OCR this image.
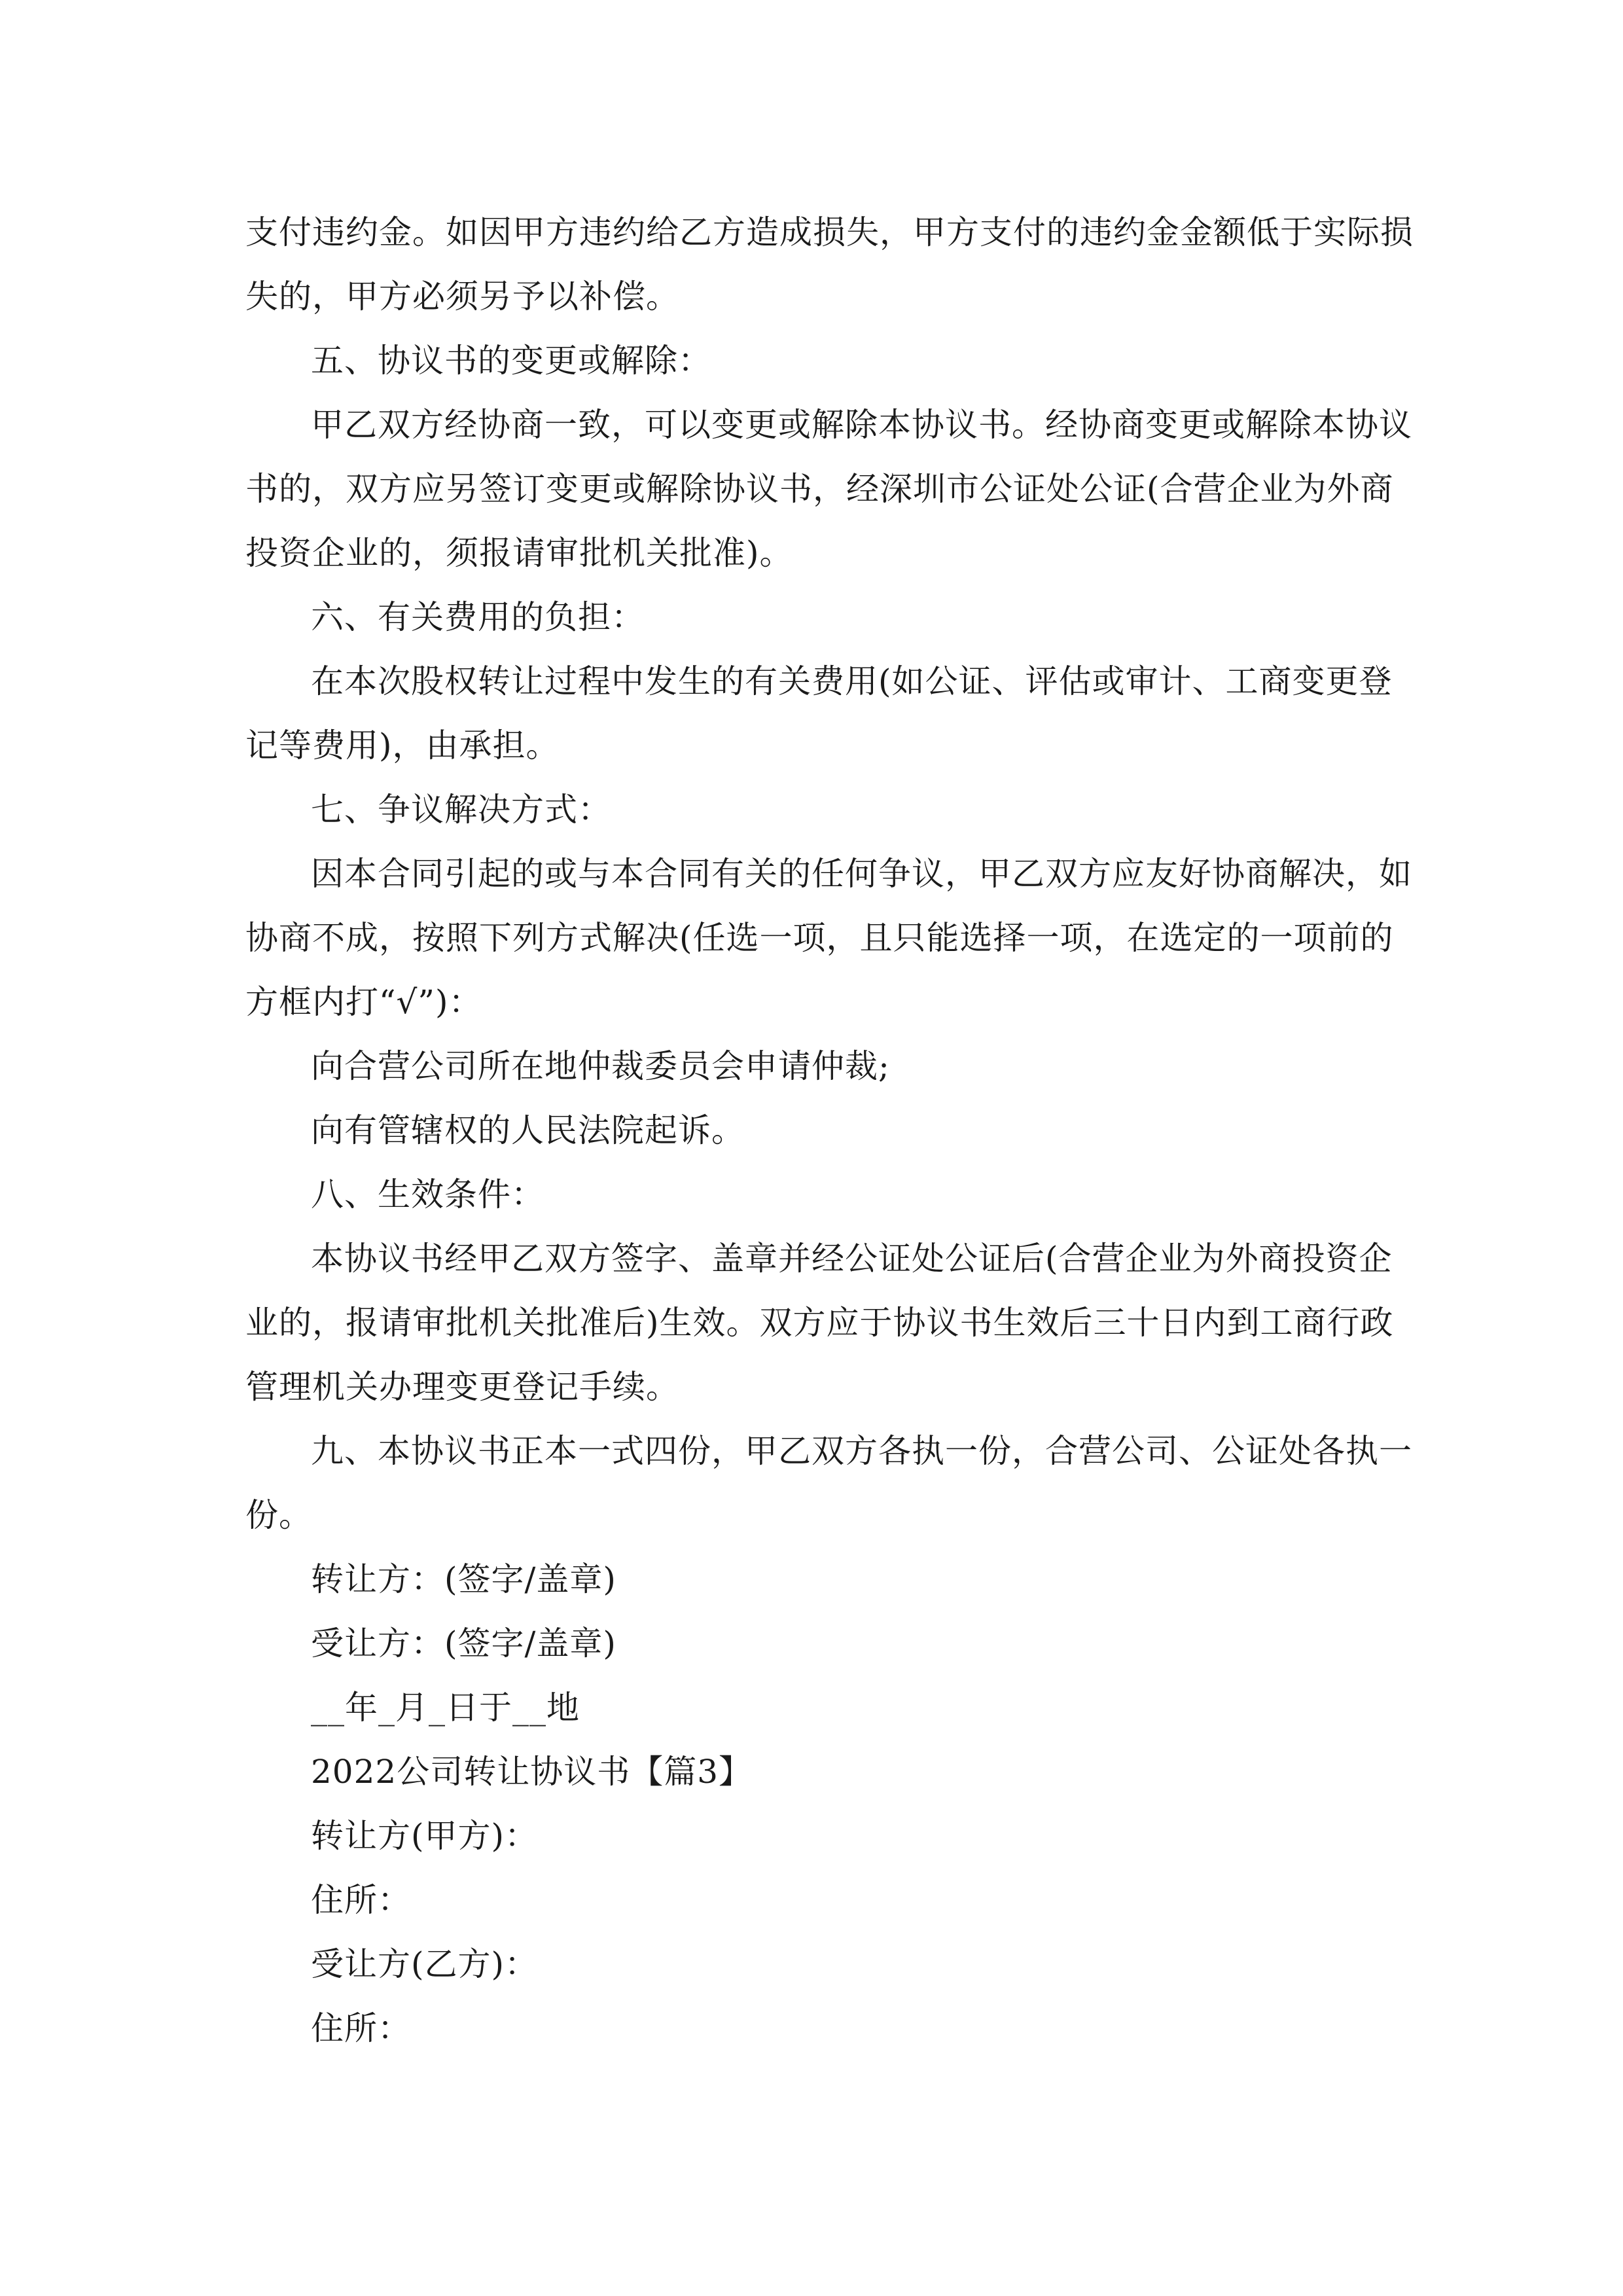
支付违约金。如因甲方违约给乙方造成损失，甲方支付的违约金金额低于实际损
失的，甲方必须另予以补偿。
五、协议书的变更或解除：
甲乙双方经协商一致，可以变更或解除本协议书。经协商变更或解除本协议
书的，双方应另签订变更或解除协议书，经深圳市公证处公证(合营企业为外商
投资企业的，须报请审批机关批准)。
六、有关费用的负担：
在本次股权转让过程中发生的有关费用(如公证、评估或审计、工商变更登
记等费用)，由承担。
七、争议解决方式：
因本合同引起的或与本合同有关的任何争议，甲乙双方应友好协商解决，如
协商不成，按照下列方式解决(任选一项，且只能选择一项，在选定的一项前的
方框内打“√”)：
向合营公司所在地仲裁委员会申请仲裁;
向有管辖权的人民法院起诉。
八、生效条件：
本协议书经甲乙双方签字、盖章并经公证处公证后(合营企业为外商投资企
业的，报请审批机关批准后)生效。双方应于协议书生效后三十日内到工商行政
管理机关办理变更登记手续。
九、本协议书正本一式四份，甲乙双方各执一份，合营公司、公证处各执一
份。
转让方：(签字/盖章)
受让方：(签字/盖章)
__年_月_日于__地
2022公司转让协议书【篇3】
转让方(甲方)：
住所：
受让方(乙方)：
住所：
